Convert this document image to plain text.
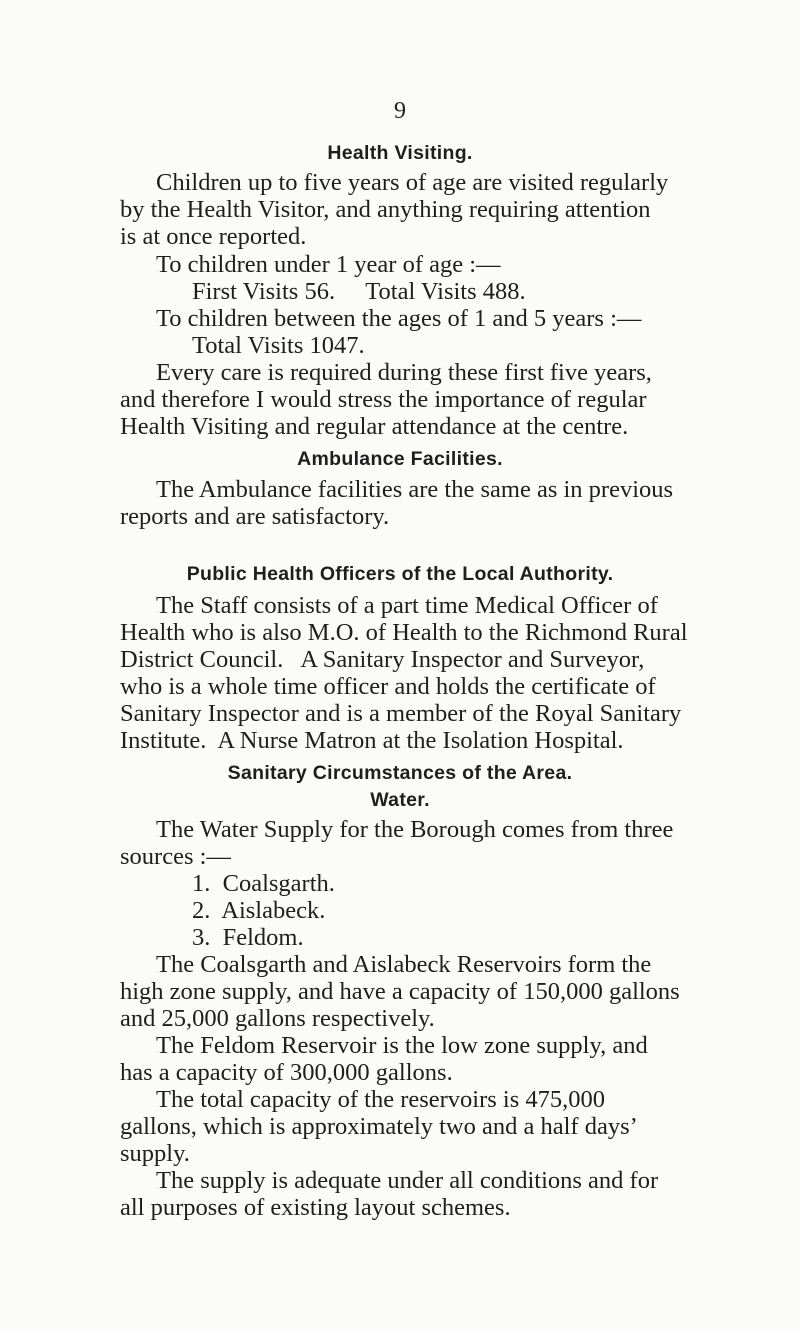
9
Health Visiting.
Children up to five years of age are visited regularly
by the Health Visitor, and anything requiring attention
is at once reported.
To children under 1 year of age :—
First Visits 56.     Total Visits 488.
To children between the ages of 1 and 5 years :—
Total Visits 1047.
Every care is required during these first five years,
and therefore I would stress the importance of regular
Health Visiting and regular attendance at the centre.
Ambulance Facilities.
The Ambulance facilities are the same as in previous
reports and are satisfactory.
Public Health Officers of the Local Authority.
The Staff consists of a part time Medical Officer of
Health who is also M.O. of Health to the Richmond Rural
District Council.   A Sanitary Inspector and Surveyor,
who is a whole time officer and holds the certificate of
Sanitary Inspector and is a member of the Royal Sanitary
Institute.  A Nurse Matron at the Isolation Hospital.
Sanitary Circumstances of the Area.
Water.
The Water Supply for the Borough comes from three
sources :—
1.  Coalsgarth.
2.  Aislabeck.
3.  Feldom.
The Coalsgarth and Aislabeck Reservoirs form the
high zone supply, and have a capacity of 150,000 gallons
and 25,000 gallons respectively.
The Feldom Reservoir is the low zone supply, and
has a capacity of 300,000 gallons.
The total capacity of the reservoirs is 475,000
gallons, which is approximately two and a half days’
supply.
The supply is adequate under all conditions and for
all purposes of existing layout schemes.
